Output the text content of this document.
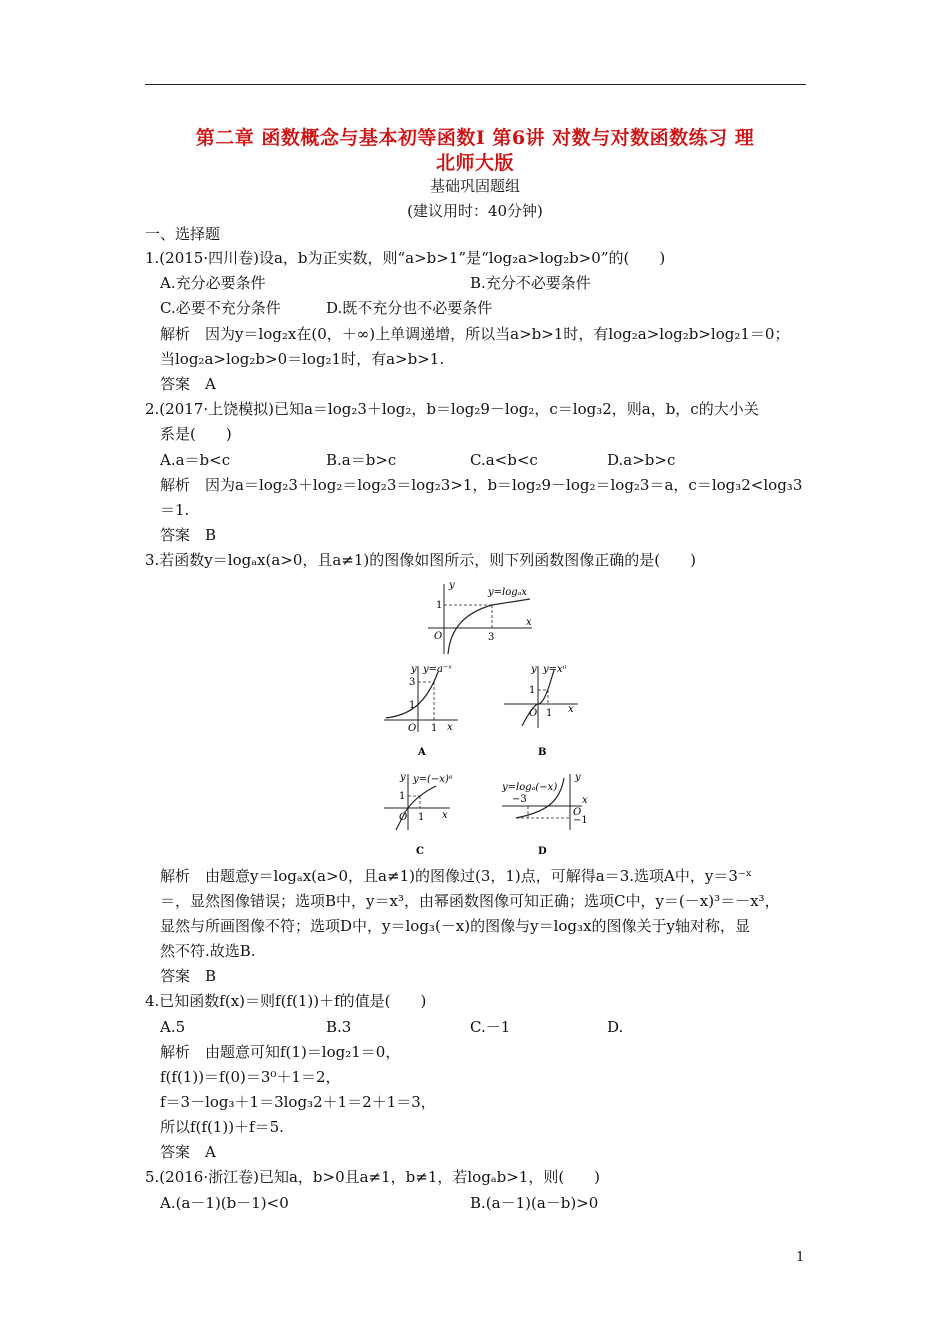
第二章 函数概念与基本初等函数Ⅰ 第6讲 对数与对数函数练习 理
北师大版
基础巩固题组
(建议用时：40分钟)
一、选择题
1.(2015·四川卷)设a，b为正实数，则“a>b>1”是“log₂a>log₂b>0”的(　　)
A.充分必要条件	B.充分不必要条件
C.必要不充分条件	D.既不充分也不必要条件
解析　因为y＝log₂x在(0，＋∞)上单调递增，所以当a>b>1时，有log₂a>log₂b>log₂1＝0；
当log₂a>log₂b>0＝log₂1时，有a>b>1.
答案　A
2.(2017·上饶模拟)已知a＝log₂3＋log₂，b＝log₂9－log₂，c＝log₃2，则a，b，c的大小关
系是(　　)
A.a＝b<c	B.a＝b>c	C.a<b<c	D.a>b>c
解析　因为a＝log₂3＋log₂＝log₂3＝log₂3>1，b＝log₂9－log₂＝log₂3＝a，c＝log₃2<log₃3
＝1.
答案　B
3.若函数y＝logₐx(a>0，且a≠1)的图像如图所示，则下列函数图像正确的是(　　)
y
x
O
1
3
y=logₐx
y
x
y=a⁻ˣ
3
1
1
O
A
y
x
y=xᵃ
1
1
O
B
y
x
y=(−x)ᵃ
1
1
O
C
y
x
y=logₐ(−x)
−3
−1
O
D
解析　由题意y＝logₐx(a>0，且a≠1)的图像过(3，1)点，可解得a＝3.选项A中，y＝3⁻ˣ
＝，显然图像错误；选项B中，y＝x³，由幂函数图像可知正确；选项C中，y＝(－x)³＝－x³，
显然与所画图像不符；选项D中，y＝log₃(－x)的图像与y＝log₃x的图像关于y轴对称，显
然不符.故选B.
答案　B
4.已知函数f(x)＝则f(f(1))＋f的值是(　　)
A.5	B.3	C.－1	D.
解析　由题意可知f(1)＝log₂1＝0，
f(f(1))＝f(0)＝3⁰＋1＝2，
f＝3－log₃＋1＝3log₃2＋1＝2＋1＝3，
所以f(f(1))＋f＝5.
答案　A
5.(2016·浙江卷)已知a，b>0且a≠1，b≠1，若logₐb>1，则(　　)
A.(a－1)(b－1)<0	B.(a－1)(a－b)>0
1
